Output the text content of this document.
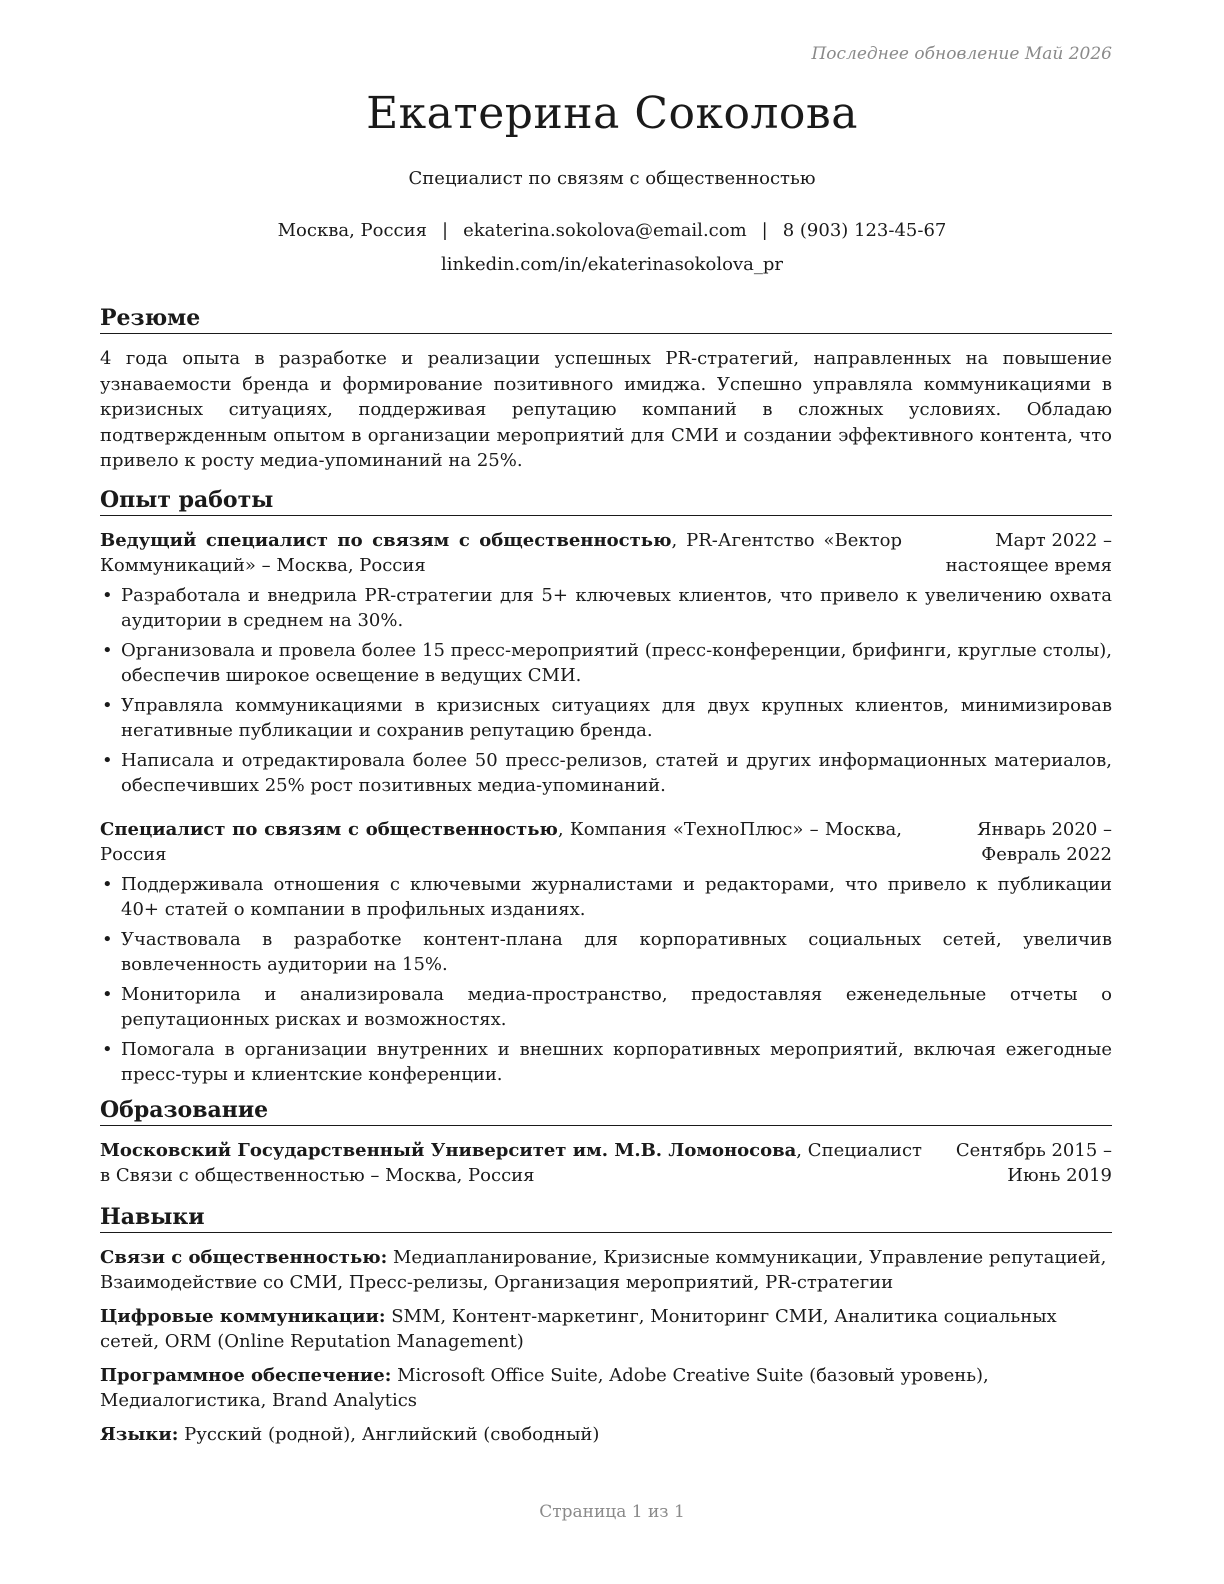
Последнее обновление Май 2026
Екатерина Соколова
Специалист по связям с общественностью
Москва, Россия | ekaterina.sokolova@email.com | 8 (903) 123-45-67
linkedin.com/in/ekaterinasokolova_pr
Резюме
4 года опыта в разработке и реализации успешных PR-стратегий, направленных на повышение узнаваемости бренда и формирование позитивного имиджа. Успешно управляла коммуникациями в кризисных ситуациях, поддерживая репутацию компаний в сложных условиях. Обладаю подтвержденным опытом в организации мероприятий для СМИ и создании эффективного контента, что привело к росту медиа-упоминаний на 25%.
Опыт работы
Ведущий специалист по связям с общественностью, PR-Агентство «Вектор Коммуникаций» – Москва, Россия
Март 2022 – настоящее время
• Разработала и внедрила PR-стратегии для 5+ ключевых клиентов, что привело к увеличению охвата аудитории в среднем на 30%.
• Организовала и провела более 15 пресс-мероприятий (пресс-конференции, брифинги, круглые столы), обеспечив широкое освещение в ведущих СМИ.
• Управляла коммуникациями в кризисных ситуациях для двух крупных клиентов, минимизировав негативные публикации и сохранив репутацию бренда.
• Написала и отредактировала более 50 пресс-релизов, статей и других информационных материалов, обеспечивших 25% рост позитивных медиа-упоминаний.
Специалист по связям с общественностью, Компания «ТехноПлюс» – Москва, Россия
Январь 2020 – Февраль 2022
• Поддерживала отношения с ключевыми журналистами и редакторами, что привело к публикации 40+ статей о компании в профильных изданиях.
• Участвовала в разработке контент-плана для корпоративных социальных сетей, увеличив вовлеченность аудитории на 15%.
• Мониторила и анализировала медиа-пространство, предоставляя еженедельные отчеты о репутационных рисках и возможностях.
• Помогала в организации внутренних и внешних корпоративных мероприятий, включая ежегодные пресс-туры и клиентские конференции.
Образование
Московский Государственный Университет им. М.В. Ломоносова, Специалист в Связи с общественностью – Москва, Россия
Сентябрь 2015 – Июнь 2019
Навыки
Связи с общественностью: Медиапланирование, Кризисные коммуникации, Управление репутацией, Взаимодействие со СМИ, Пресс-релизы, Организация мероприятий, PR-стратегии
Цифровые коммуникации: SMM, Контент-маркетинг, Мониторинг СМИ, Аналитика социальных сетей, ORM (Online Reputation Management)
Программное обеспечение: Microsoft Office Suite, Adobe Creative Suite (базовый уровень), Медиалогистика, Brand Analytics
Языки: Русский (родной), Английский (свободный)
Страница 1 из 1
